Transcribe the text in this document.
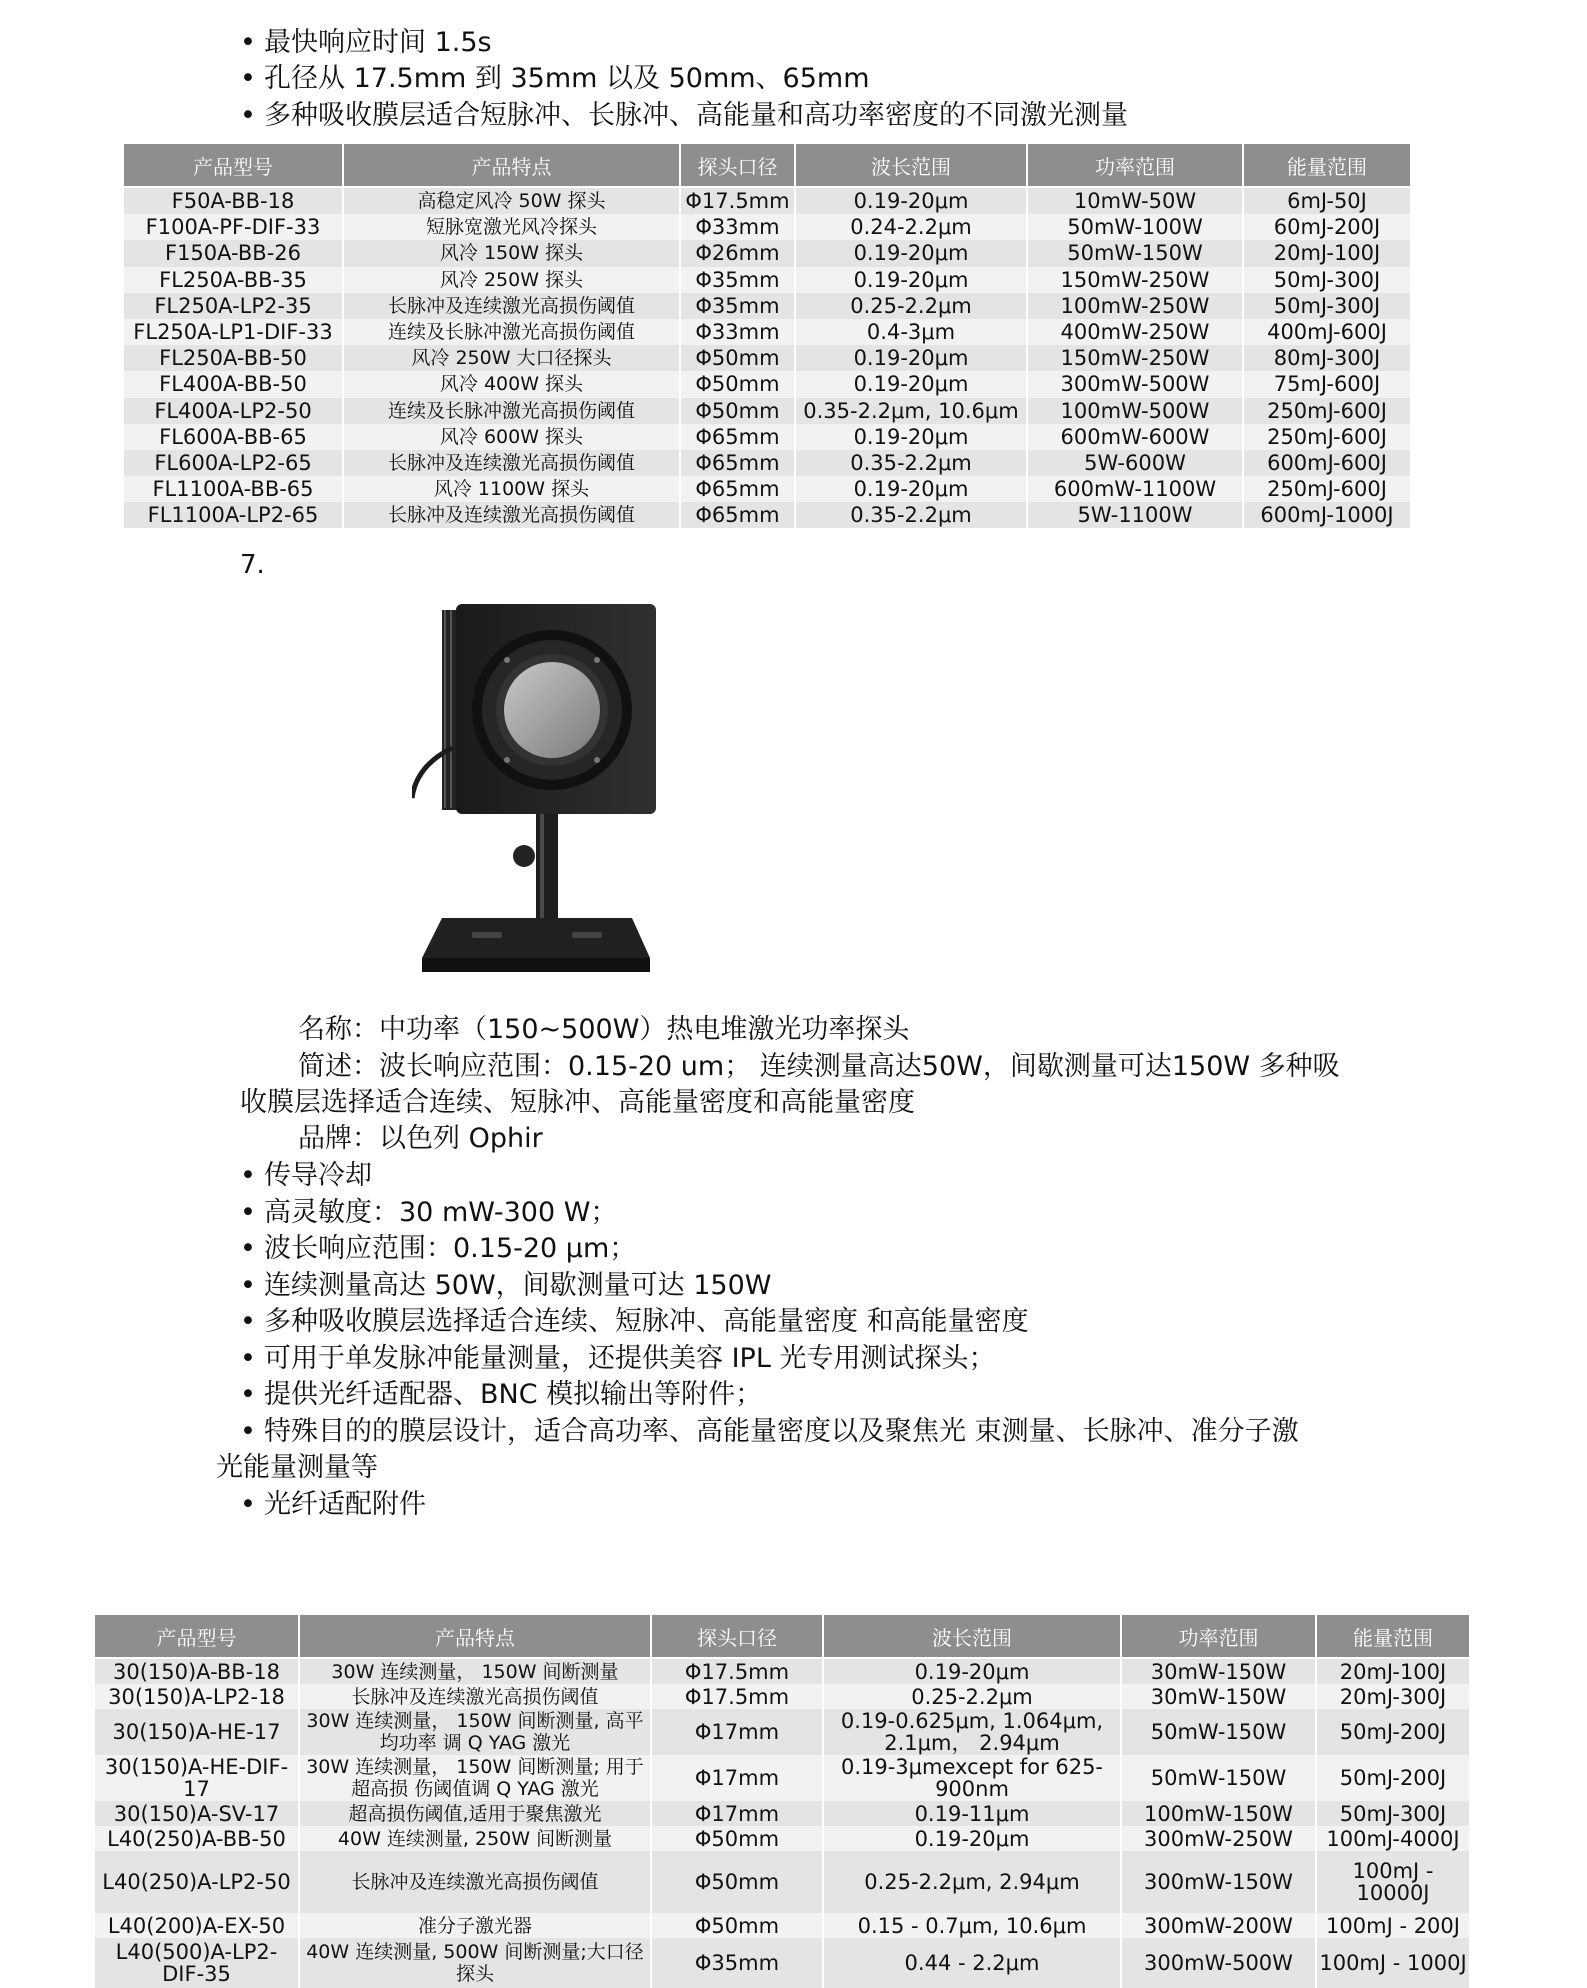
• 最快响应时间 1.5s
• 孔径从 17.5mm 到 35mm 以及 50mm、65mm
• 多种吸收膜层适合短脉冲、长脉冲、高能量和高功率密度的不同激光测量
产品型号	产品特点	探头口径	波长范围	功率范围	能量范围
F50A-BB-18	高稳定风冷 50W 探头	Φ17.5mm	0.19-20μm	10mW-50W	6mJ-50J
F100A-PF-DIF-33	短脉宽激光风冷探头	Φ33mm	0.24-2.2μm	50mW-100W	60mJ-200J
F150A-BB-26	风冷 150W 探头	Φ26mm	0.19-20μm	50mW-150W	20mJ-100J
FL250A-BB-35	风冷 250W 探头	Φ35mm	0.19-20μm	150mW-250W	50mJ-300J
FL250A-LP2-35	长脉冲及连续激光高损伤阈值	Φ35mm	0.25-2.2μm	100mW-250W	50mJ-300J
FL250A-LP1-DIF-33	连续及长脉冲激光高损伤阈值	Φ33mm	0.4-3μm	400mW-250W	400mJ-600J
FL250A-BB-50	风冷 250W 大口径探头	Φ50mm	0.19-20μm	150mW-250W	80mJ-300J
FL400A-BB-50	风冷 400W 探头	Φ50mm	0.19-20μm	300mW-500W	75mJ-600J
FL400A-LP2-50	连续及长脉冲激光高损伤阈值	Φ50mm	0.35-2.2μm, 10.6μm	100mW-500W	250mJ-600J
FL600A-BB-65	风冷 600W 探头	Φ65mm	0.19-20μm	600mW-600W	250mJ-600J
FL600A-LP2-65	长脉冲及连续激光高损伤阈值	Φ65mm	0.35-2.2μm	5W-600W	600mJ-600J
FL1100A-BB-65	风冷 1100W 探头	Φ65mm	0.19-20μm	600mW-1100W	250mJ-600J
FL1100A-LP2-65	长脉冲及连续激光高损伤阈值	Φ65mm	0.35-2.2μm	5W-1100W	600mJ-1000J
7.
名称：中功率（150~500W）热电堆激光功率探头
简述：波长响应范围：0.15-20 um； 连续测量高达50W，间歇测量可达150W 多种吸
收膜层选择适合连续、短脉冲、高能量密度和高能量密度
品牌：以色列 Ophir
• 传导冷却
• 高灵敏度：30 mW-300 W；
• 波长响应范围：0.15-20 μm；
• 连续测量高达 50W，间歇测量可达 150W
• 多种吸收膜层选择适合连续、短脉冲、高能量密度 和高能量密度
• 可用于单发脉冲能量测量，还提供美容 IPL 光专用测试探头；
• 提供光纤适配器、BNC 模拟输出等附件；
• 特殊目的的膜层设计，适合高功率、高能量密度以及聚焦光 束测量、长脉冲、准分子激
光能量测量等
• 光纤适配附件
产品型号	产品特点	探头口径	波长范围	功率范围	能量范围
30(150)A-BB-18	30W 连续测量， 150W 间断测量	Φ17.5mm	0.19-20μm	30mW-150W	20mJ-100J
30(150)A-LP2-18	长脉冲及连续激光高损伤阈值	Φ17.5mm	0.25-2.2μm	30mW-150W	20mJ-300J
30(150)A-HE-17	30W 连续测量， 150W 间断测量, 高平均功率 调 Q YAG 激光	Φ17mm	0.19-0.625μm, 1.064μm, 2.1μm， 2.94μm	50mW-150W	50mJ-200J
30(150)A-HE-DIF-17	30W 连续测量， 150W 间断测量; 用于超高损 伤阈值调 Q YAG 激光	Φ17mm	0.19-3μmexcept for 625-900nm	50mW-150W	50mJ-200J
30(150)A-SV-17	超高损伤阈值,适用于聚焦激光	Φ17mm	0.19-11μm	100mW-150W	50mJ-300J
L40(250)A-BB-50	40W 连续测量, 250W 间断测量	Φ50mm	0.19-20μm	300mW-250W	100mJ-4000J
L40(250)A-LP2-50	长脉冲及连续激光高损伤阈值	Φ50mm	0.25-2.2μm, 2.94μm	300mW-150W	100mJ - 10000J
L40(200)A-EX-50	准分子激光器	Φ50mm	0.15 - 0.7μm, 10.6μm	300mW-200W	100mJ - 200J
L40(500)A-LP2-DIF-35	40W 连续测量, 500W 间断测量;大口径探头	Φ35mm	0.44 - 2.2μm	300mW-500W	100mJ - 1000J
